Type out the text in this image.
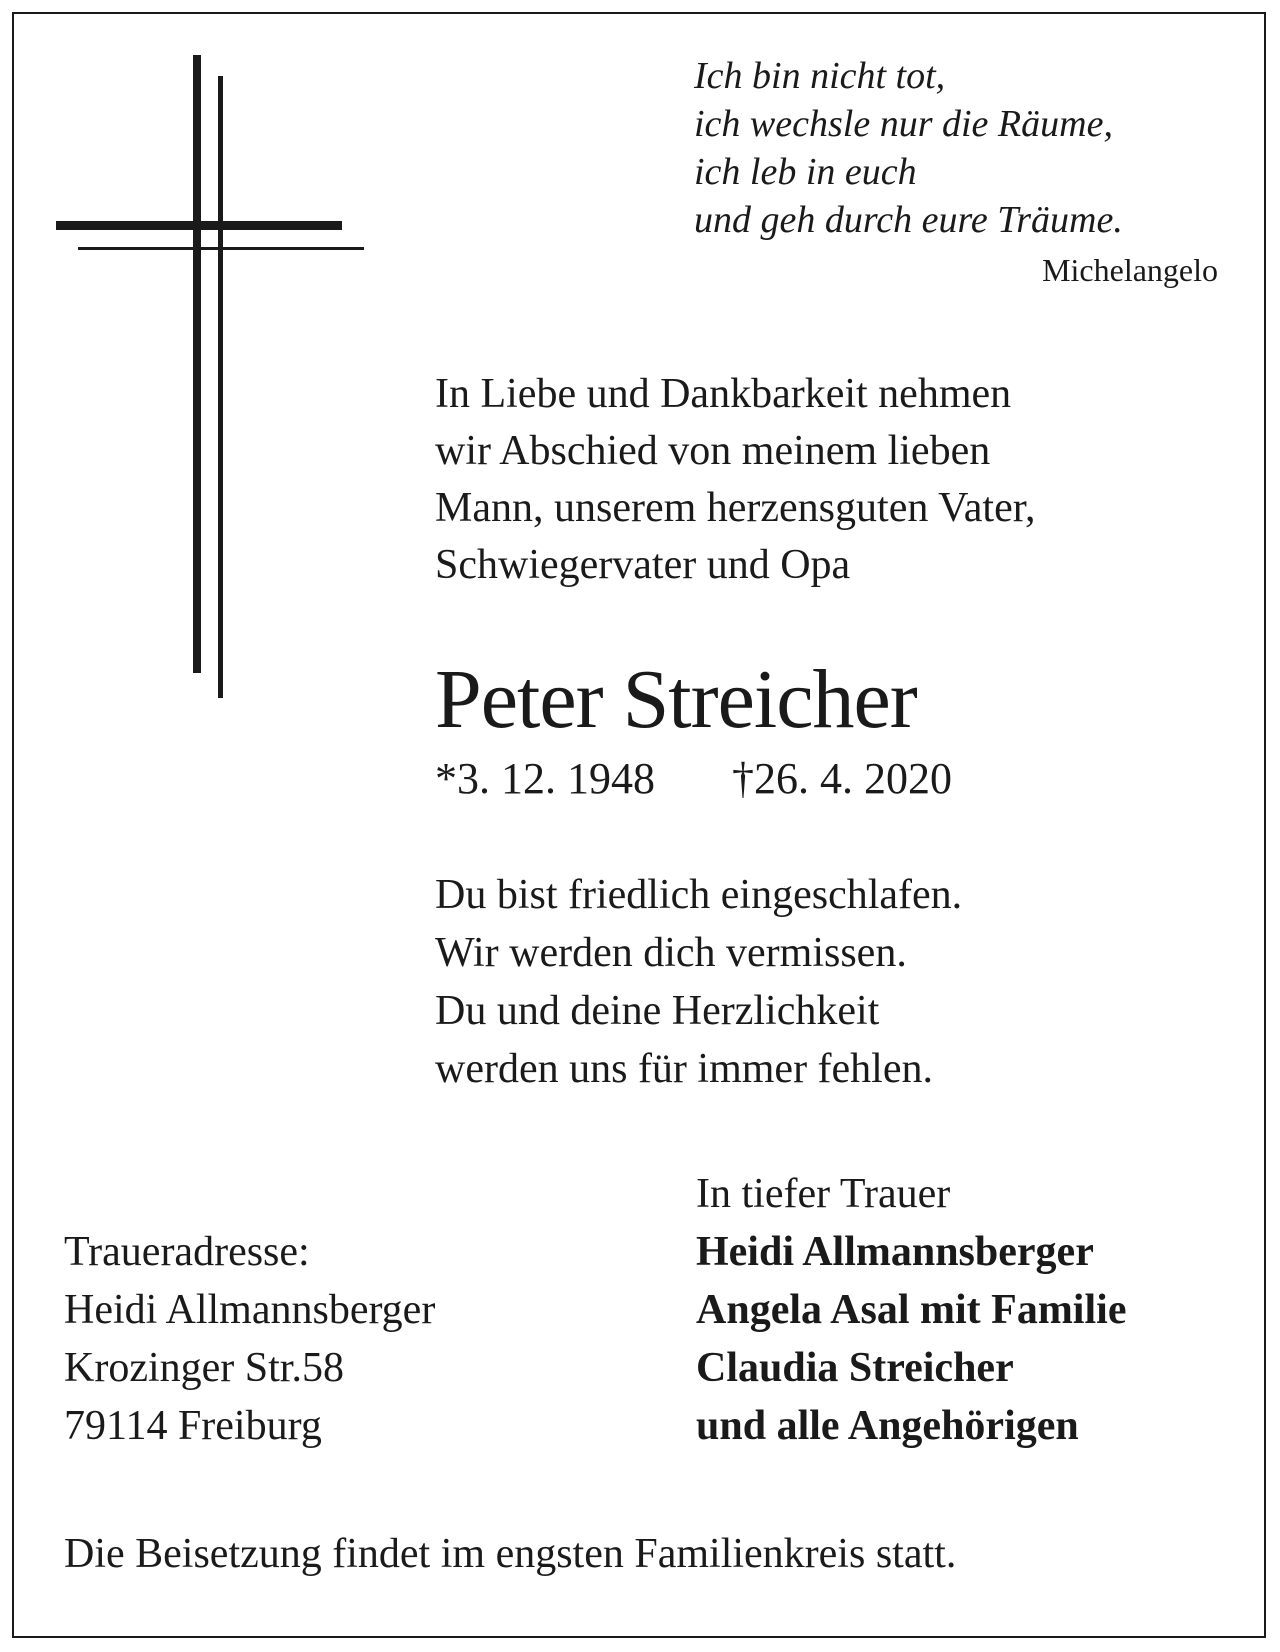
Ich bin nicht tot,
ich wechsle nur die Räume,
ich leb in euch
und geh durch eure Träume.
Michelangelo
In Liebe und Dankbarkeit nehmen
wir Abschied von meinem lieben
Mann, unserem herzensguten Vater,
Schwiegervater und Opa
Peter Streicher
*3. 12. 1948 †26. 4. 2020
Du bist friedlich eingeschlafen.
Wir werden dich vermissen.
Du und deine Herzlichkeit
werden uns für immer fehlen.
In tiefer Trauer
Heidi Allmannsberger
Angela Asal mit Familie
Claudia Streicher
und alle Angehörigen
Traueradresse:
Heidi Allmannsberger
Krozinger Str.58
79114 Freiburg
Die Beisetzung findet im engsten Familienkreis statt.
